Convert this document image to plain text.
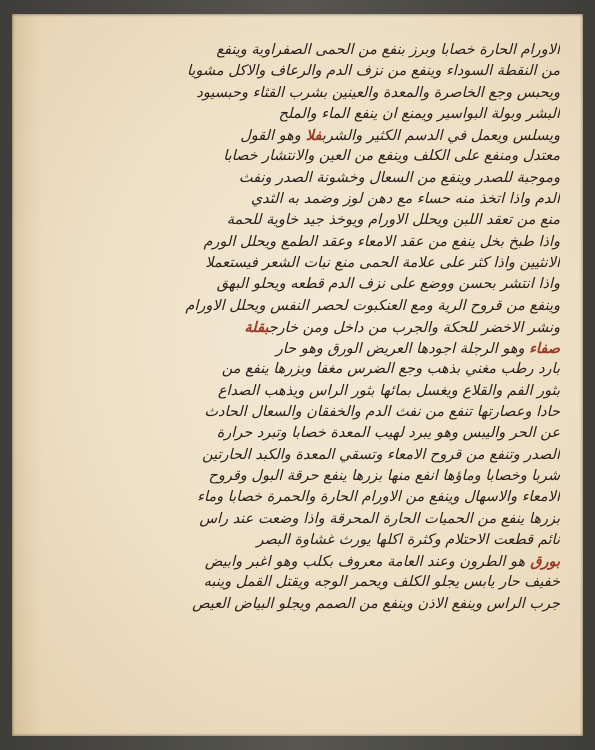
الاورام الحارة خصابا وبرز بنفع من الحمى الصفراوية وينفع
من النقطة السوداء وينفع من نزف الدم والرعاف والاكل مشويا
ويحبس وجع الخاصرة والمعدة والعينين بشرب القثاء وحبسيود
البشر وبولة البواسير ويمنع ان ينفع الماء والملح
ويسلس ويعمل في الدسم الكثير والشربفلا وهو القول
معتدل ومنفع على الكلف وينفع من العين والانتشار خصابا
وموجبة للصدر وينفع من السعال وخشونة الصدر ونفث
الدم واذا اتخذ منه حساء مع دهن لوز وضمد به الثدي
منع من تعقد اللبن ويحلل الاورام ويوخذ جيد خاوية للحمة
واذا طبخ بخل ينفع من عقد الامعاء وعقد الطمع ويحلل الورم
الانثيين واذا كثر على علامة الحمى منع نبات الشعر فيستعملا
واذا انتشر بحسن ووضع على نزف الدم قطعه ويحلو البهق
وينفع من قروح الرية ومع العنكبوت لحصر النفس ويحلل الاورام
ونشر الاخضر للحكة والجرب من داخل ومن خارجبقلة
صفاء وهو الرجلة اجودها العريض الورق وهو حار
بارد رطب مغني بذهب وجع الضرس مغفا وبزرها ينفع من
بثور الفم والقلاع ويغسل بمائها بثور الراس ويذهب الصداع
حادا وعصارتها تنفع من نفث الدم والخفقان والسعال الحادث
عن الحر واليبس وهو يبرد لهيب المعدة خصابا وتبرد حرارة
الصدر وتنفع من قروح الامعاء وتسقي المعدة والكبد الحارتين
شربا وخصابا وماؤها انفع منها بزرها ينفع حرقة البول وقروح
الامعاء والاسهال وينفع من الاورام الحارة والحمرة خصابا وماء
بزرها ينفع من الحميات الحارة المحرقة واذا وضعت عند راس
نائم قطعت الاحتلام وكثرة اكلها يورث غشاوة البصر
بورق هو الطرون وعند العامة معروف بكلب وهو اغبر وابيض
خفيف حار يابس يجلو الكلف ويحمر الوجه ويقتل القمل وينبه
جرب الراس وينفع الاذن وينفع من الصمم ويجلو البياض العيص
